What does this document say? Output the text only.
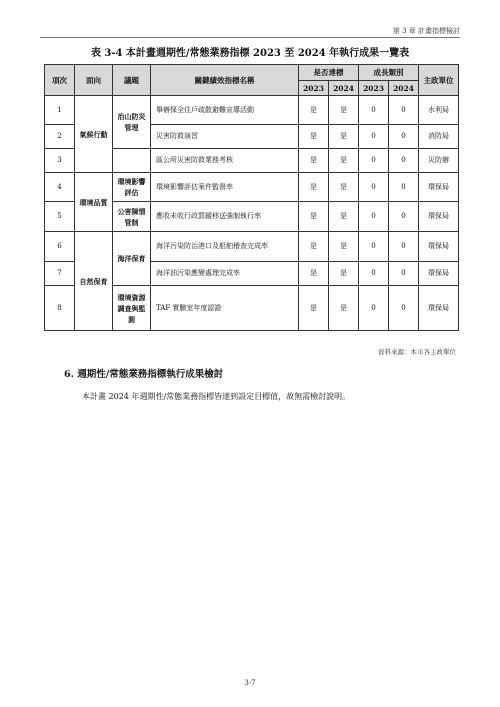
第 3 章 計畫指標檢討
表 3-4 本計畫週期性/常態業務指標 2023 至 2024 年執行成果一覽表
項次	面向	議題	關鍵績效指標名稱	是否達標		成長類別		主政單位
				2023	2024	2023	2024	
1	氣候行動	治山防災管理	舉辦保全住戶疏散避難宣導活動	是	是	0	0	水利局
2			災害防救演習	是	是	0	0	消防局
3			區公所災害防救業務考核	是	是	0	0	災防辦
4	環境品質	環境影響評估	環境影響評估案件監督率	是	是	0	0	環保局
5		公害陳情管制	應收未收行政罰鍰移送強制執行率	是	是	0	0	環保局
6	自然保育	海洋保育	海洋污染防治港口及船舶稽查完成率	是	是	0	0	環保局
7			海洋油污染應變處理完成率	是	是	0	0	環保局
8		環境資源調查與監測	TAF 實驗室年度認證	是	是	0	0	環保局
資料來源：本市各主政單位
6. 週期性/常態業務指標執行成果檢討
本計畫 2024 年週期性/常態業務指標皆達到設定目標值，故無需檢討說明。
3-7
